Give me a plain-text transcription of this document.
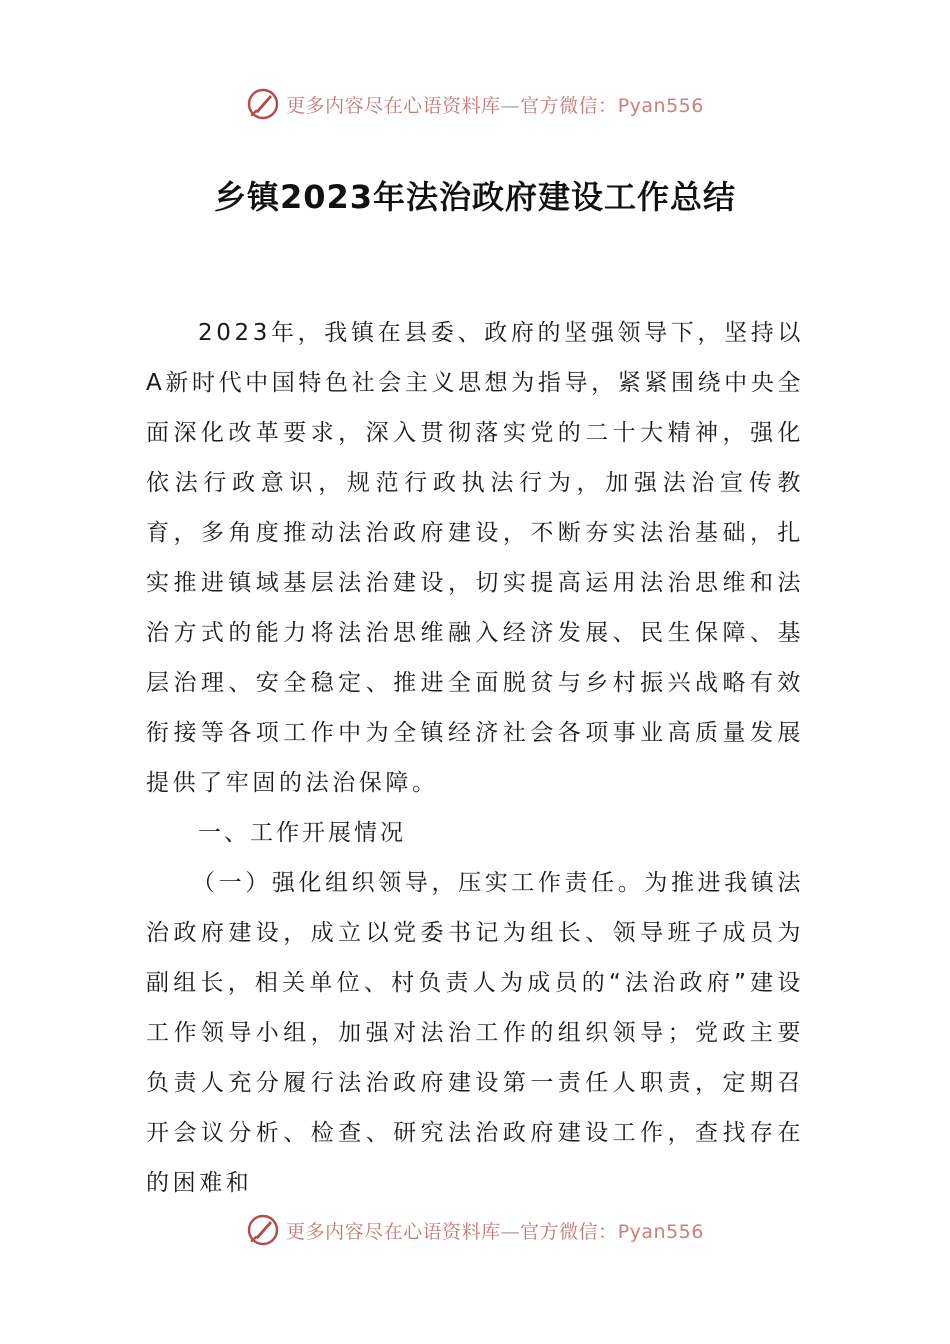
更多内容尽在心语资料库—官方微信：Pyan556
乡镇2023年法治政府建设工作总结

2023年，我镇在县委、政府的坚强领导下，坚持以A新时代中国特色社会主义思想为指导，紧紧围绕中央全面深化改革要求，深入贯彻落实党的二十大精神，强化依法行政意识，规范行政执法行为，加强法治宣传教育，多角度推动法治政府建设，不断夯实法治基础，扎实推进镇域基层法治建设，切实提高运用法治思维和法治方式的能力将法治思维融入经济发展、民生保障、基层治理、安全稳定、推进全面脱贫与乡村振兴战略有效衔接等各项工作中为全镇经济社会各项事业高质量发展提供了牢固的法治保障。

一、工作开展情况

（一）强化组织领导，压实工作责任。为推进我镇法治政府建设，成立以党委书记为组长、领导班子成员为副组长，相关单位、村负责人为成员的“法治政府”建设工作领导小组，加强对法治工作的组织领导；党政主要负责人充分履行法治政府建设第一责任人职责，定期召开会议分析、检查、研究法治政府建设工作，查找存在的困难和

更多内容尽在心语资料库—官方微信：Pyan556
